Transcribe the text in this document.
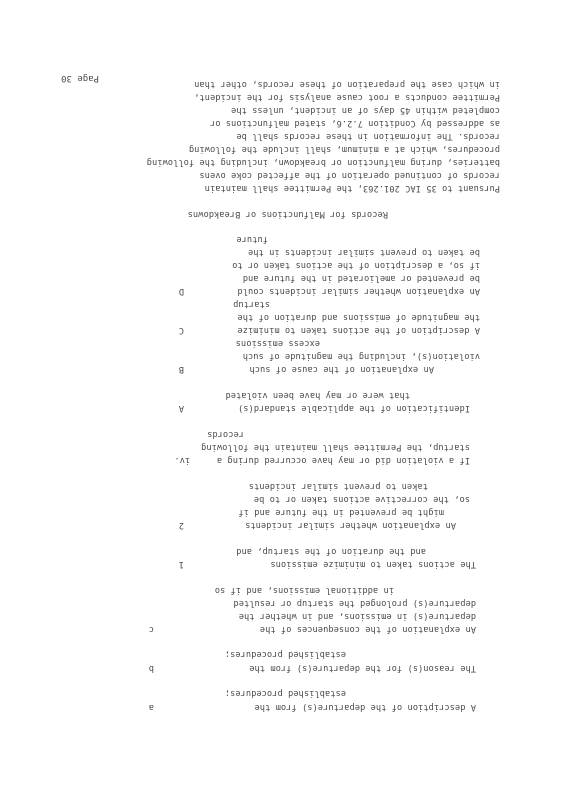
Page 30
a	A description of the departure(s) from the
established procedures;
b	The reason(s) for the departure(s) from the
established procedures;
c	An explanation of the consequences of the
departure(s) in emissions, and in whether the
departure(s) prolonged the startup or resulted
in additional emissions, and if so
1	The actions taken to minimize emissions
and the duration of the startup, and
2	An explanation whether similar incidents
might be prevented in the future and if
so, the corrective actions taken or to be
taken to prevent similar incidents
iv.	If a violation did or may have occurred during a
startup, the Permittee shall maintain the following
records
A	Identification of the applicable standard(s)
that were or may have been violated
B	An explanation of the cause of such
violation(s), including the magnitude of such
excess emissions
C	A description of the actions taken to minimize
the magnitude of emissions and duration of the
startup
D	An explanation whether similar incidents could
be prevented or ameliorated in the future and
if so, a description of the actions taken or to
be taken to prevent similar incidents in the
future
Records for Malfunctions or Breakdowns
Pursuant to 35 IAC 201.263, the Permittee shall maintain
records of continued operation of the affected coke ovens
batteries, during malfunction or breakdown, including the following
procedures, which at a minimum, shall include the following
records. The information in these records shall be
as addressed by Condition 7.2.6, stated malfunctions or
completed within 45 days of an incident, unless the
Permittee conducts a root cause analysis for the incident,
in which case the preparation of these records, other than
